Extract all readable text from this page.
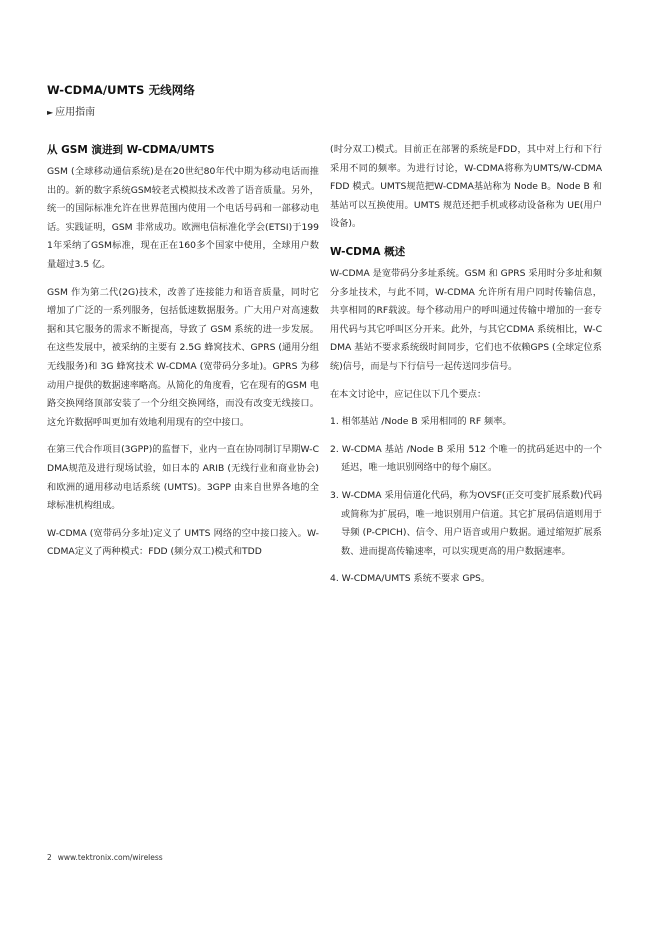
W-CDMA/UMTS 无线网络
► 应用指南
从 GSM 演进到 W-CDMA/UMTS

GSM (全球移动通信系统)是在20世纪80年代中期为移动电话而推出的。新的数字系统GSM较老式模拟技术改善了语音质量。另外，统一的国际标准允许在世界范围内使用一个电话号码和一部移动电话。实践证明，GSM 非常成功。欧洲电信标准化学会(ETSI)于1991年采纳了GSM标准，现在正在160多个国家中使用，全球用户数量超过3.5 亿。

GSM 作为第二代(2G)技术，改善了连接能力和语音质量，同时它增加了广泛的一系列服务，包括低速数据服务。广大用户对高速数据和其它服务的需求不断提高，导致了 GSM 系统的进一步发展。在这些发展中，被采纳的主要有 2.5G 蜂窝技术、GPRS (通用分组无线服务)和 3G 蜂窝技术 W-CDMA (宽带码分多址)。GPRS 为移动用户提供的数据速率略高。从简化的角度看，它在现有的GSM 电路交换网络顶部安装了一个分组交换网络，而没有改变无线接口。这允许数据呼叫更加有效地利用现有的空中接口。

在第三代合作项目(3GPP)的监督下，业内一直在协同制订早期W-CDMA规范及进行现场试验，如日本的 ARIB (无线行业和商业协会) 和欧洲的通用移动电话系统 (UMTS)。3GPP 由来自世界各地的全球标准机构组成。

W-CDMA (宽带码分多址)定义了 UMTS 网络的空中接口接入。W-CDMA定义了两种模式：FDD (频分双工)模式和TDD

(时分双工)模式。目前正在部署的系统是FDD，其中对上行和下行采用不同的频率。为进行讨论，W-CDMA将称为UMTS/W-CDMA FDD 模式。UMTS规范把W-CDMA基站称为 Node B。Node B 和基站可以互换使用。UMTS 规范还把手机或移动设备称为 UE(用户设备)。

W-CDMA 概述

W-CDMA 是宽带码分多址系统。GSM 和 GPRS 采用时分多址和频分多址技术，与此不同，W-CDMA 允许所有用户同时传输信息，共享相同的RF载波。每个移动用户的呼叫通过传输中增加的一套专用代码与其它呼叫区分开来。此外，与其它CDMA 系统相比，W-CDMA 基站不要求系统级时间同步，它们也不依赖GPS (全球定位系统)信号，而是与下行信号一起传送同步信号。

在本文讨论中，应记住以下几个要点：

1. 相邻基站 /Node B 采用相同的 RF 频率。
2. W-CDMA 基站 /Node B 采用 512 个唯一的扰码延迟中的一个延迟，唯一地识别网络中的每个扇区。
3. W-CDMA 采用信道化代码，称为OVSF(正交可变扩展系数)代码或简称为扩展码，唯一地识别用户信道。其它扩展码信道则用于导频 (P-CPICH)、信令、用户语音或用户数据。通过缩短扩展系数、进而提高传输速率，可以实现更高的用户数据速率。
4. W-CDMA/UMTS 系统不要求 GPS。
2 www.tektronix.com/wireless
